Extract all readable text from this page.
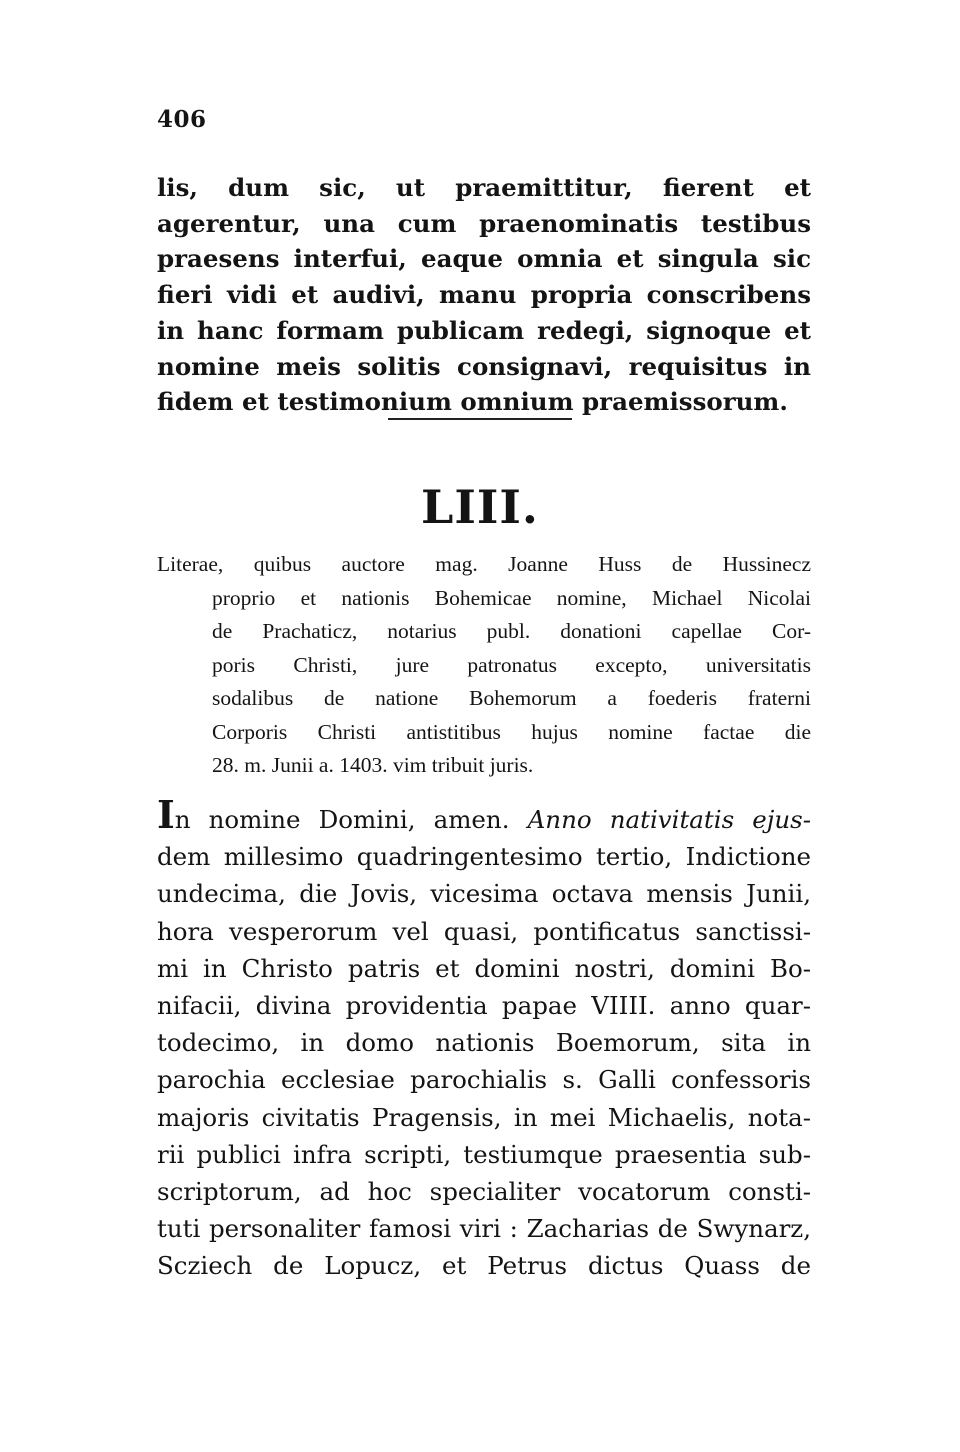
406
lis, dum sic, ut praemittitur, fierent et agerentur, una cum praenominatis testibus praesens interfui, eaque omnia et singula sic fieri vidi et audivi, manu propria conscribens in hanc formam publicam redegi, signoque et nomine meis solitis consignavi, requisitus in fidem et testimonium omnium praemissorum.
LIII.
Literae, quibus auctore mag. Joanne Huss de Hussinecz
proprio et nationis Bohemicae nomine, Michael Nicolai
de Prachaticz, notarius publ. donationi capellae Cor-
poris Christi, jure patronatus excepto, universitatis
sodalibus de natione Bohemorum a foederis fraterni
Corporis Christi antistitibus hujus nomine factae die
28. m. Junii a. 1403. vim tribuit juris.
In nomine Domini, amen. Anno nativitatis ejus-
dem millesimo quadringentesimo tertio, Indictione
undecima, die Jovis, vicesima octava mensis Junii,
hora vesperorum vel quasi, pontificatus sanctissi-
mi in Christo patris et domini nostri, domini Bo-
nifacii, divina providentia papae VIIII. anno quar-
todecimo, in domo nationis Boemorum, sita in
parochia ecclesiae parochialis s. Galli confessoris
majoris civitatis Pragensis, in mei Michaelis, nota-
rii publici infra scripti, testiumque praesentia sub-
scriptorum, ad hoc specialiter vocatorum consti-
tuti personaliter famosi viri : Zacharias de Swynarz,
Scziech de Lopucz, et Petrus dictus Quass de
